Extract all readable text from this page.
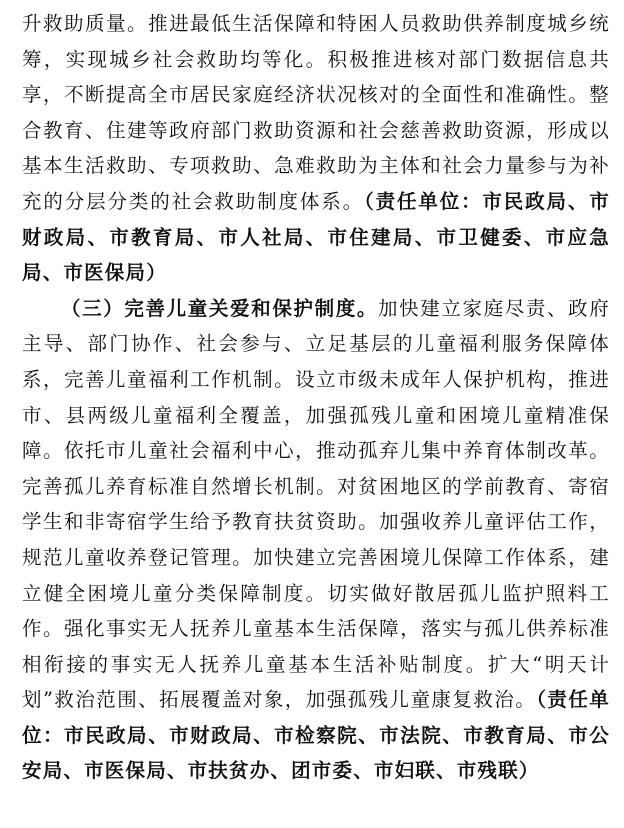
升救助质量。推进最低生活保障和特困人员救助供养制度城乡统筹，实现城乡社会救助均等化。积极推进核对部门数据信息共享，不断提高全市居民家庭经济状况核对的全面性和准确性。整合教育、住建等政府部门救助资源和社会慈善救助资源，形成以基本生活救助、专项救助、急难救助为主体和社会力量参与为补充的分层分类的社会救助制度体系。（责任单位：市民政局、市财政局、市教育局、市人社局、市住建局、市卫健委、市应急局、市医保局）

（三）完善儿童关爱和保护制度。加快建立家庭尽责、政府主导、部门协作、社会参与、立足基层的儿童福利服务保障体系，完善儿童福利工作机制。设立市级未成年人保护机构，推进市、县两级儿童福利全覆盖，加强孤残儿童和困境儿童精准保障。依托市儿童社会福利中心，推动孤弃儿集中养育体制改革。完善孤儿养育标准自然增长机制。对贫困地区的学前教育、寄宿学生和非寄宿学生给予教育扶贫资助。加强收养儿童评估工作，规范儿童收养登记管理。加快建立完善困境儿保障工作体系，建立健全困境儿童分类保障制度。切实做好散居孤儿监护照料工作。强化事实无人抚养儿童基本生活保障，落实与孤儿供养标准相衔接的事实无人抚养儿童基本生活补贴制度。扩大“明天计划”救治范围、拓展覆盖对象，加强孤残儿童康复救治。（责任单位：市民政局、市财政局、市检察院、市法院、市教育局、市公安局、市医保局、市扶贫办、团市委、市妇联、市残联）
